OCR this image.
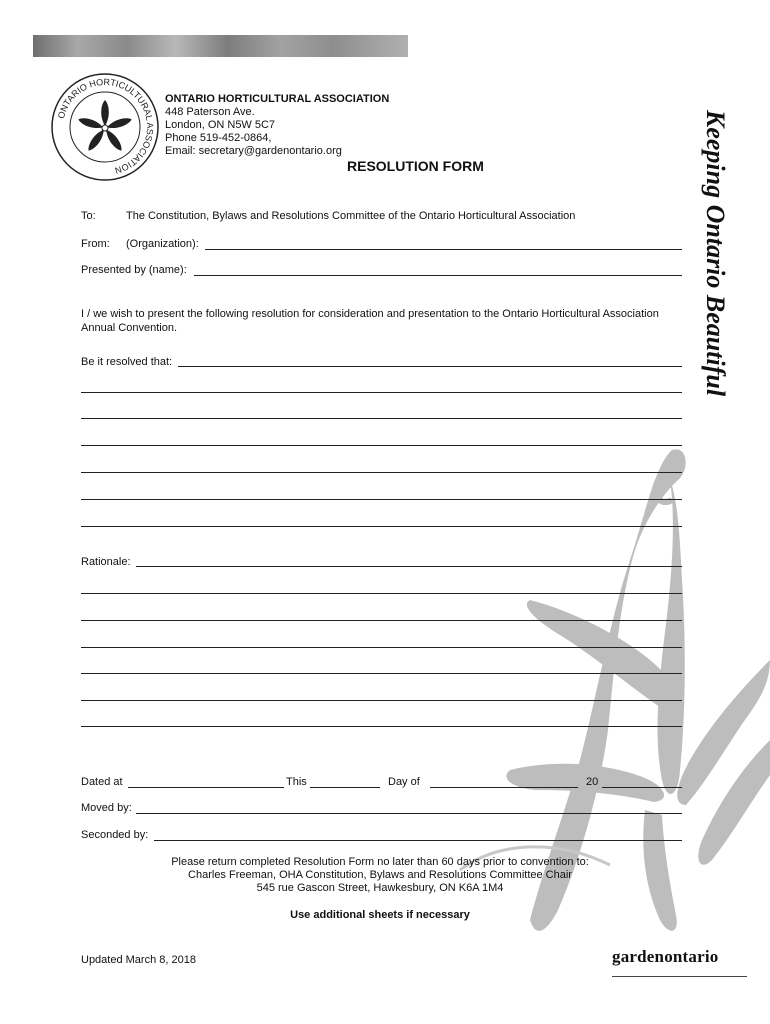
ONTARIO HORTICULTURAL ASSOCIATION
ONTARIO HORTICULTURAL ASSOCIATION
448 Paterson Ave.
London, ON N5W 5C7
Phone 519-452-0864,
Email: secretary@gardenontario.org
RESOLUTION FORM	Keeping Ontario Beautiful
To:	The Constitution, Bylaws and Resolutions Committee of the Ontario Horticultural Association
From: (Organization):
Presented by (name):
I / we wish to present the following resolution for consideration and presentation to the Ontario Horticultural Association
Annual Convention.
Be it resolved that:
Rationale:
Dated at	This	Day of	20
Moved by:
Seconded by:
Please return completed Resolution Form no later than 60 days prior to convention to:
Charles Freeman, OHA Constitution, Bylaws and Resolutions Committee Chair
545 rue Gascon Street, Hawkesbury, ON K6A 1M4
Use additional sheets if necessary
Updated March 8, 2018	gardenontario
